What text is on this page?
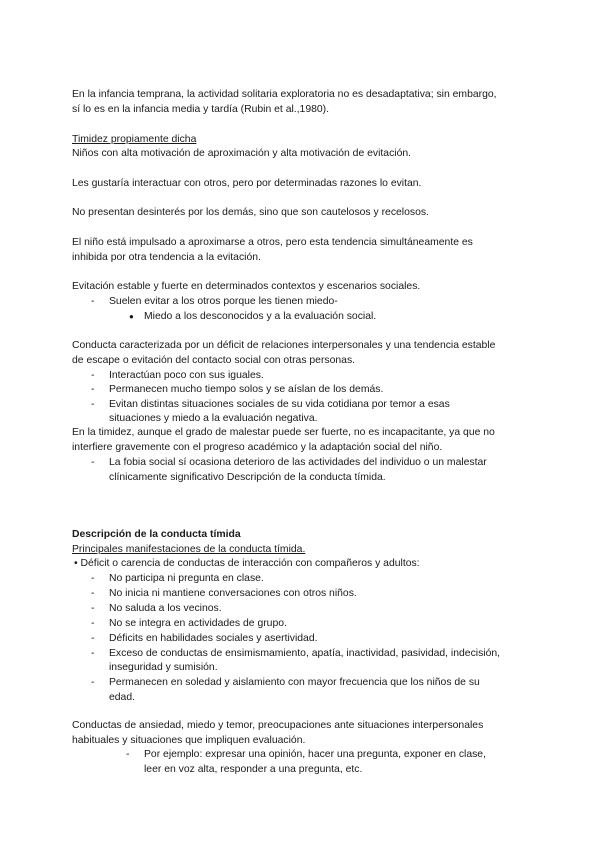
En la infancia temprana, la actividad solitaria exploratoria no es desadaptativa; sin embargo,
sí lo es en la infancia media y tardía (Rubin et al.,1980).
Timidez propiamente dicha
Niños con alta motivación de aproximación y alta motivación de evitación.
Les gustaría interactuar con otros, pero por determinadas razones lo evitan.
No presentan desinterés por los demás, sino que son cautelosos y recelosos.
El niño está impulsado a aproximarse a otros, pero esta tendencia simultáneamente es
inhibida por otra tendencia a la evitación.
Evitación estable y fuerte en determinados contextos y escenarios sociales.
- Suelen evitar a los otros porque les tienen miedo-
● Miedo a los desconocidos y a la evaluación social.
Conducta caracterizada por un déficit de relaciones interpersonales y una tendencia estable
de escape o evitación del contacto social con otras personas.
- Interactúan poco con sus iguales.
- Permanecen mucho tiempo solos y se aíslan de los demás.
- Evitan distintas situaciones sociales de su vida cotidiana por temor a esas
situaciones y miedo a la evaluación negativa.
En la timidez, aunque el grado de malestar puede ser fuerte, no es incapacitante, ya que no
interfiere gravemente con el progreso académico y la adaptación social del niño.
- La fobia social sí ocasiona deterioro de las actividades del individuo o un malestar
clínicamente significativo Descripción de la conducta tímida.
Descripción de la conducta tímida
Principales manifestaciones de la conducta tímida.
• Déficit o carencia de conductas de interacción con compañeros y adultos:
- No participa ni pregunta en clase.
- No inicia ni mantiene conversaciones con otros niños.
- No saluda a los vecinos.
- No se integra en actividades de grupo.
- Déficits en habilidades sociales y asertividad.
- Exceso de conductas de ensimismamiento, apatía, inactividad, pasividad, indecisión,
inseguridad y sumisión.
- Permanecen en soledad y aislamiento con mayor frecuencia que los niños de su
edad.
Conductas de ansiedad, miedo y temor, preocupaciones ante situaciones interpersonales
habituales y situaciones que impliquen evaluación.
- Por ejemplo: expresar una opinión, hacer una pregunta, exponer en clase,
leer en voz alta, responder a una pregunta, etc.
